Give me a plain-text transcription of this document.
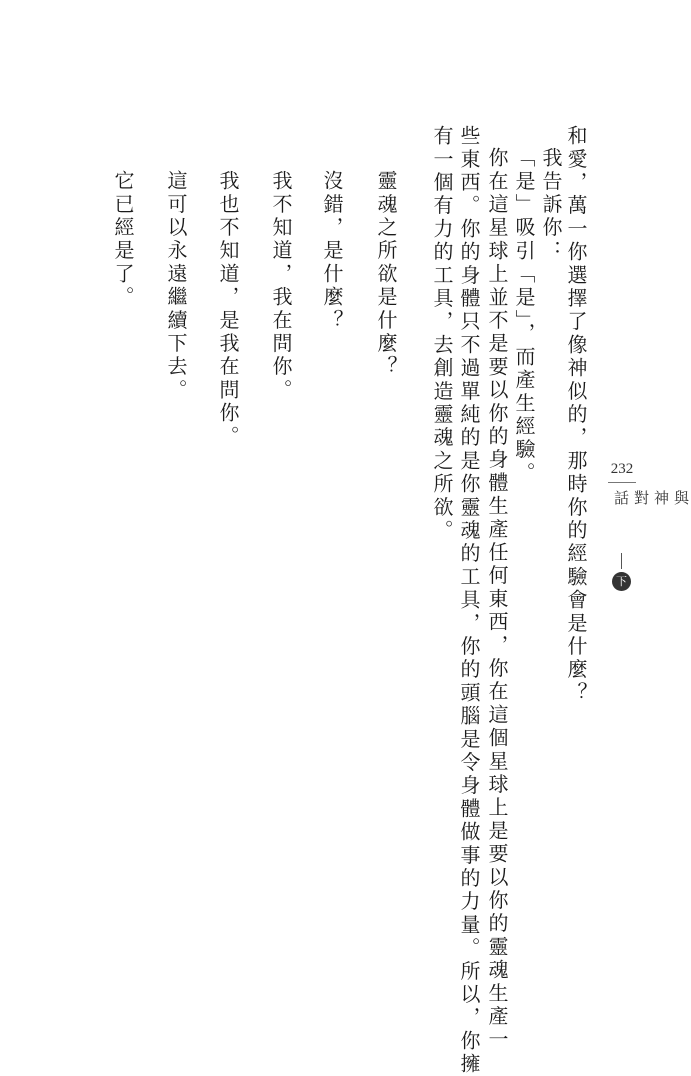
和愛，萬一你選擇了像神似的，那時你的經驗會是什麼？
我告訴你：
「是」吸引「是」，而產生經驗。
你在這星球上並不是要以你的身體生產任何東西，你在這個星球上是要以你的靈魂生產一
些東西。你的身體只不過單純的是你靈魂的工具，你的頭腦是令身體做事的力量。所以，你擁
有一個有力的工具，去創造靈魂之所欲。
靈魂之所欲是什麼？
沒錯，是什麼？
我不知道，我在問你。
我也不知道，是我在問你。
這可以永遠繼續下去。
它已經是了。
232
與神對話
下
